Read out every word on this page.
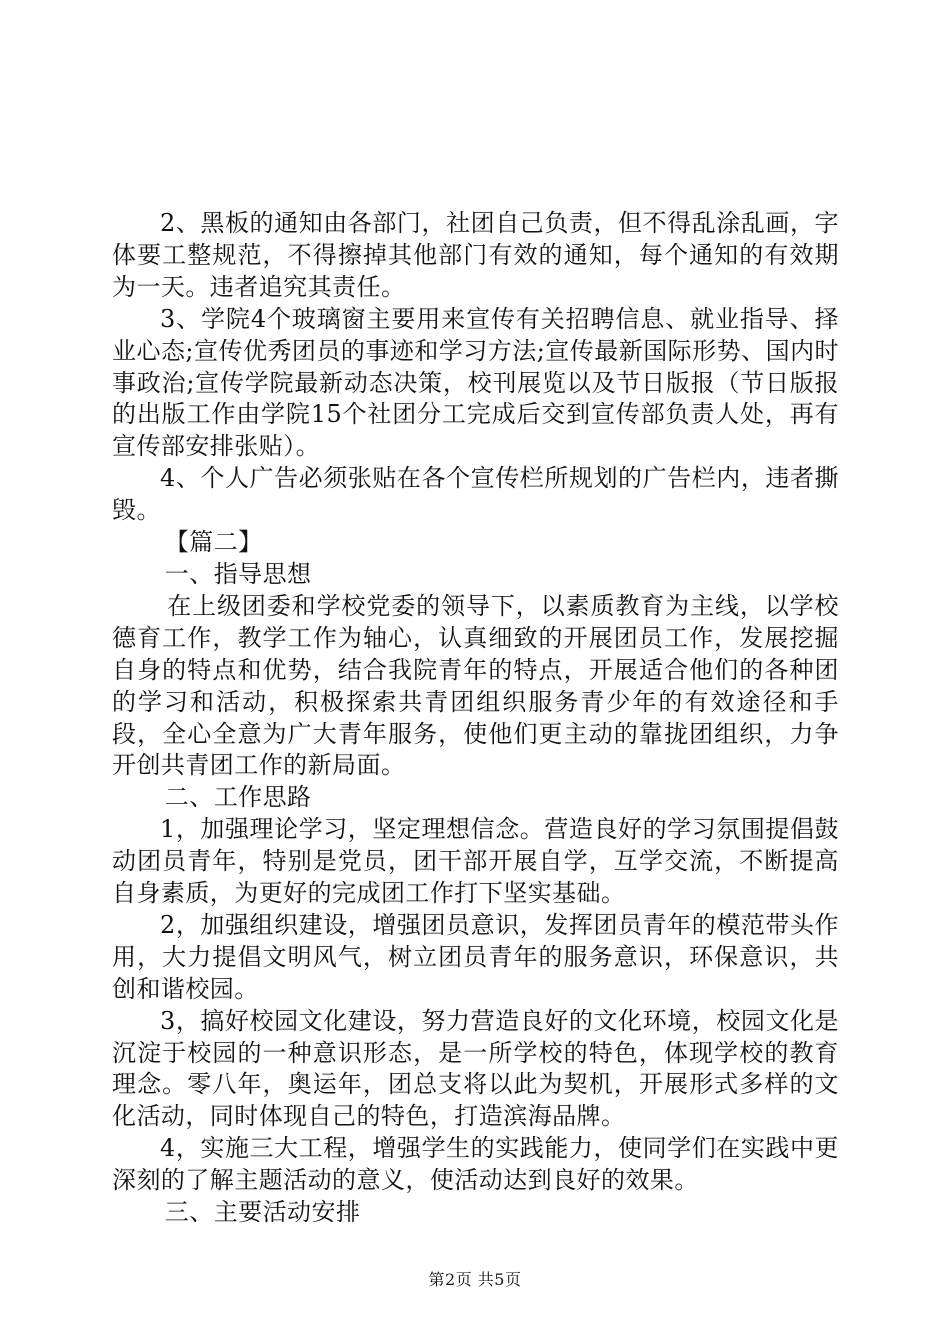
2、黑板的通知由各部门，社团自己负责，但不得乱涂乱画，字体要工整规范，不得擦掉其他部门有效的通知，每个通知的有效期为一天。违者追究其责任。

3、学院4个玻璃窗主要用来宣传有关招聘信息、就业指导、择业心态;宣传优秀团员的事迹和学习方法;宣传最新国际形势、国内时事政治;宣传学院最新动态决策，校刊展览以及节日版报（节日版报的出版工作由学院15个社团分工完成后交到宣传部负责人处，再有宣传部安排张贴）。

4、个人广告必须张贴在各个宣传栏所规划的广告栏内，违者撕毁。

【篇二】

一、指导思想

在上级团委和学校党委的领导下，以素质教育为主线，以学校德育工作，教学工作为轴心，认真细致的开展团员工作，发展挖掘自身的特点和优势，结合我院青年的特点，开展适合他们的各种团的学习和活动，积极探索共青团组织服务青少年的有效途径和手段，全心全意为广大青年服务，使他们更主动的靠拢团组织，力争开创共青团工作的新局面。

二、工作思路

1，加强理论学习，坚定理想信念。营造良好的学习氛围提倡鼓动团员青年，特别是党员，团干部开展自学，互学交流，不断提高自身素质，为更好的完成团工作打下坚实基础。

2，加强组织建设，增强团员意识，发挥团员青年的模范带头作用，大力提倡文明风气，树立团员青年的服务意识，环保意识，共创和谐校园。

3，搞好校园文化建设，努力营造良好的文化环境，校园文化是沉淀于校园的一种意识形态，是一所学校的特色，体现学校的教育理念。零八年，奥运年，团总支将以此为契机，开展形式多样的文化活动，同时体现自己的特色，打造滨海品牌。

4，实施三大工程，增强学生的实践能力，使同学们在实践中更深刻的了解主题活动的意义，使活动达到良好的效果。

三、主要活动安排

第2页 共5页
